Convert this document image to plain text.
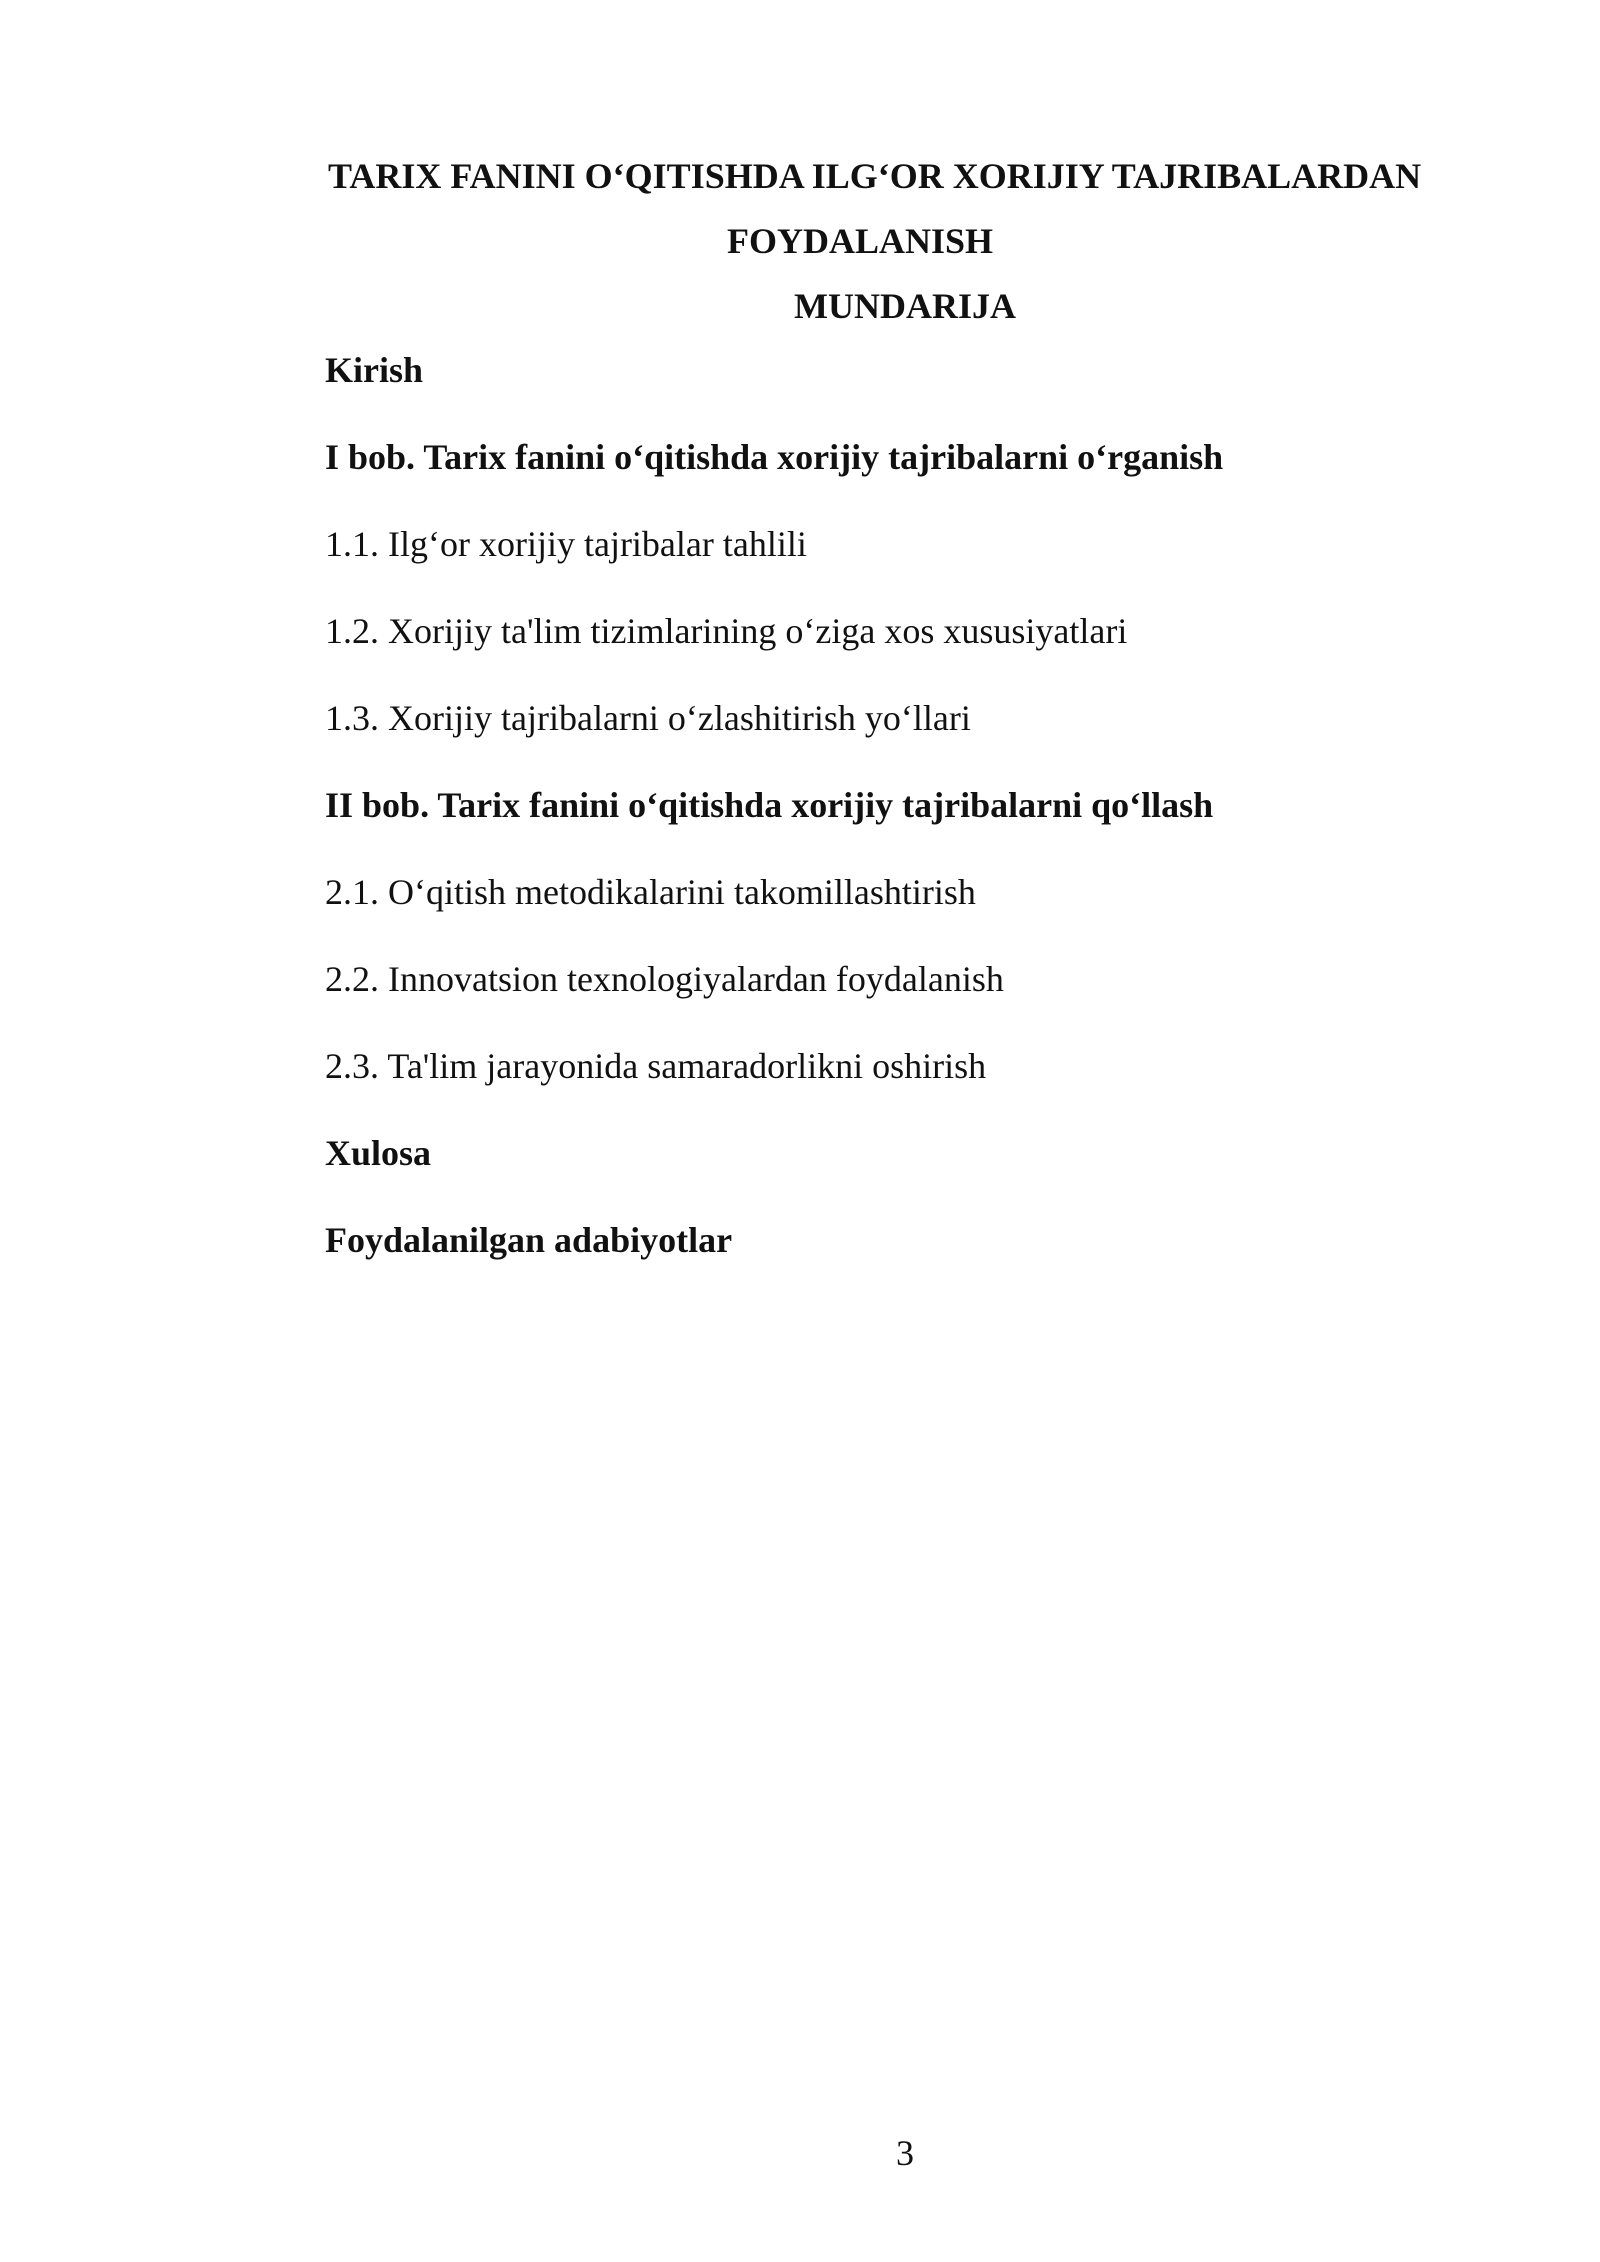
TARIX FANINI O‘QITISHDA ILG‘OR XORIJIY TAJRIBALARDAN
FOYDALANISH
MUNDARIJA
Kirish
I bob. Tarix fanini o‘qitishda xorijiy tajribalarni o‘rganish
1.1. Ilg‘or xorijiy tajribalar tahlili
1.2. Xorijiy ta'lim tizimlarining o‘ziga xos xususiyatlari
1.3. Xorijiy tajribalarni o‘zlashitirish yo‘llari
II bob. Tarix fanini o‘qitishda xorijiy tajribalarni qo‘llash
2.1. O‘qitish metodikalarini takomillashtirish
2.2. Innovatsion texnologiyalardan foydalanish
2.3. Ta'lim jarayonida samaradorlikni oshirish
Xulosa
Foydalanilgan adabiyotlar
3
